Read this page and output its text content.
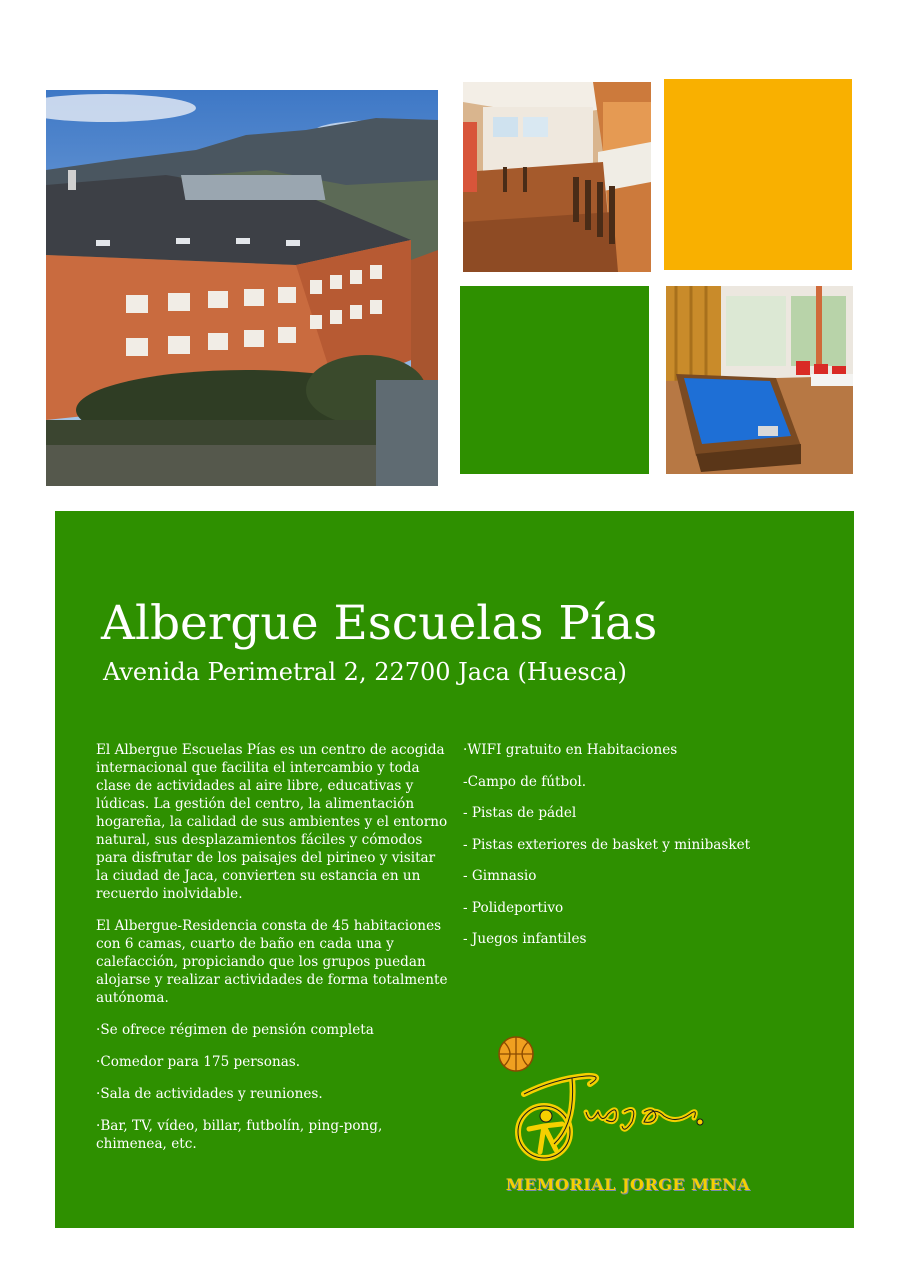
Albergue Escuelas Pías
Avenida Perimetral 2, 22700 Jaca (Huesca)

El Albergue Escuelas Pías es un centro de acogida internacional que facilita el intercambio y toda clase de actividades al aire libre, educativas y lúdicas. La gestión del centro, la alimentación hogareña, la calidad de sus ambientes y el entorno natural, sus desplazamientos fáciles y cómodos para disfrutar de los paisajes del pirineo y visitar la ciudad de Jaca, convierten su estancia en un recuerdo inolvidable.

El Albergue-Residencia consta de 45 habitaciones con 6 camas, cuarto de baño en cada una y calefacción, propiciando que los grupos puedan alojarse y realizar actividades de forma totalmente autónoma.

·Se ofrece régimen de pensión completa

·Comedor para 175 personas.

·Sala de actividades y reuniones.

·Bar, TV, vídeo, billar, futbolín, ping-pong, chimenea, etc.

·WIFI gratuito en Habitaciones

-Campo de fútbol.

- Pistas de pádel

- Pistas exteriores de basket y minibasket

- Gimnasio

- Polideportivo

- Juegos infantiles

MEMORIAL JORGE MENA
